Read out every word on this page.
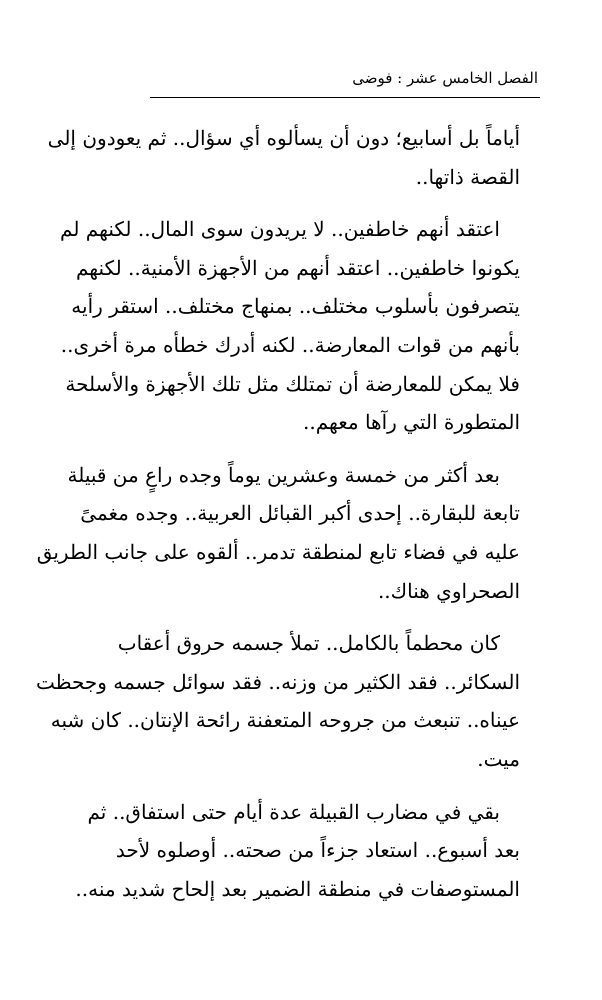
الفصل الخامس عشر : فوضى
أياماً بل أسابيع؛ دون أن يسألوه أي سؤال.. ثم يعودون إلى
القصة ذاتها..
اعتقد أنهم خاطفين.. لا يريدون سوى المال.. لكنهم لم
يكونوا خاطفين.. اعتقد أنهم من الأجهزة الأمنية.. لكنهم
يتصرفون بأسلوب مختلف.. بمنهاج مختلف.. استقر رأيه
بأنهم من قوات المعارضة.. لكنه أدرك خطأه مرة أخرى..
فلا يمكن للمعارضة أن تمتلك مثل تلك الأجهزة والأسلحة
المتطورة التي رآها معهم..
بعد أكثر من خمسة وعشرين يوماً وجده راعٍ من قبيلة
تابعة للبقارة.. إحدى أكبر القبائل العربية.. وجده مغمىً
عليه في فضاء تابع لمنطقة تدمر.. ألقوه على جانب الطريق
الصحراوي هناك..
كان محطماً بالكامل.. تملأ جسمه حروق أعقاب
السكائر.. فقد الكثير من وزنه.. فقد سوائل جسمه وجحظت
عيناه.. تنبعث من جروحه المتعفنة رائحة الإنتان.. كان شبه
ميت.
بقي في مضارب القبيلة عدة أيام حتى استفاق.. ثم
بعد أسبوع.. استعاد جزءاً من صحته.. أوصلوه لأحد
المستوصفات في منطقة الضمير بعد إلحاح شديد منه..
